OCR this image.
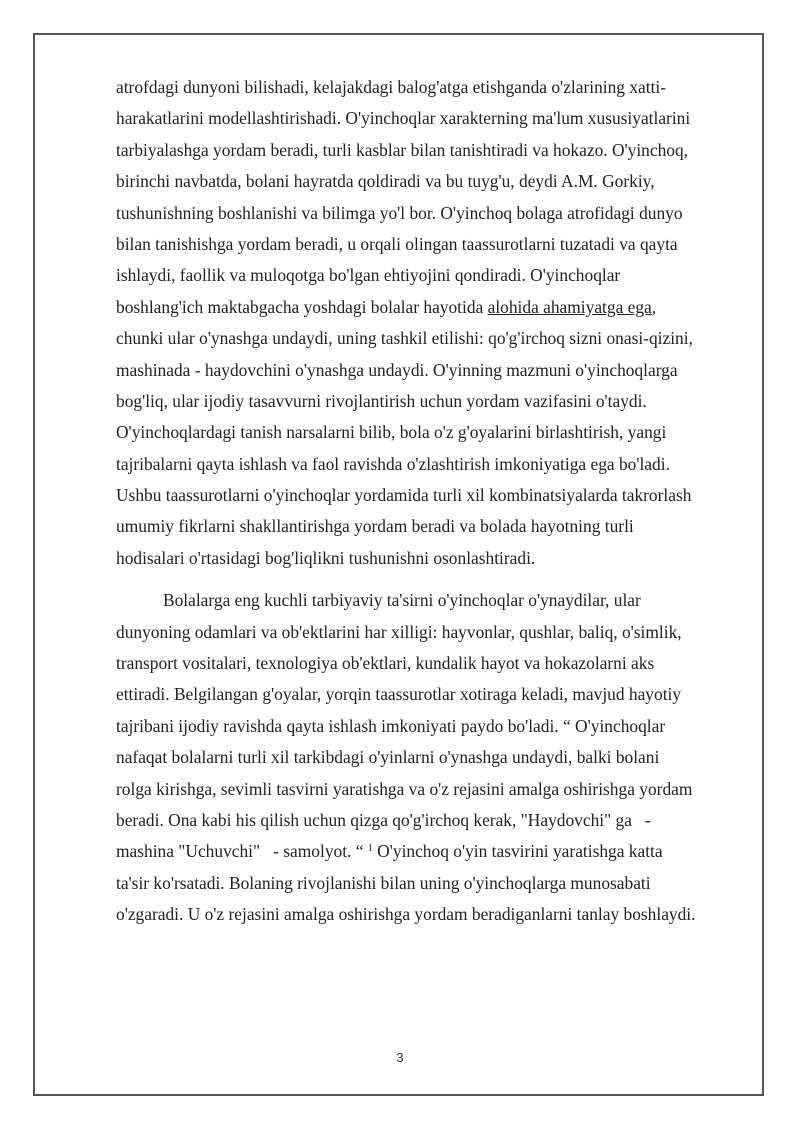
atrofdagi dunyoni bilishadi, kelajakdagi balog'atga etishganda o'zlarining xatti-
harakatlarini modellashtirishadi. O'yinchoqlar xarakterning ma'lum xususiyatlarini
tarbiyalashga yordam beradi, turli kasblar bilan tanishtiradi va hokazo. O'yinchoq,
birinchi navbatda, bolani hayratda qoldiradi va bu tuyg'u, deydi A.M. Gorkiy,
tushunishning boshlanishi va bilimga yo'l bor. O'yinchoq bolaga atrofidagi dunyo
bilan tanishishga yordam beradi, u orqali olingan taassurotlarni tuzatadi va qayta
ishlaydi, faollik va muloqotga bo'lgan ehtiyojini qondiradi. O'yinchoqlar
boshlang'ich maktabgacha yoshdagi bolalar hayotida alohida ahamiyatga ega,
chunki ular o'ynashga undaydi, uning tashkil etilishi: qo'g'irchoq sizni onasi-qizini,
mashinada - haydovchini o'ynashga undaydi. O'yinning mazmuni o'yinchoqlarga
bog'liq, ular ijodiy tasavvurni rivojlantirish uchun yordam vazifasini o'taydi.
O'yinchoqlardagi tanish narsalarni bilib, bola o'z g'oyalarini birlashtirish, yangi
tajribalarni qayta ishlash va faol ravishda o'zlashtirish imkoniyatiga ega bo'ladi.
Ushbu taassurotlarni o'yinchoqlar yordamida turli xil kombinatsiyalarda takrorlash
umumiy fikrlarni shakllantirishga yordam beradi va bolada hayotning turli
hodisalari o'rtasidagi bog'liqlikni tushunishni osonlashtiradi.
Bolalarga eng kuchli tarbiyaviy ta'sirni o'yinchoqlar o'ynaydilar, ular
dunyoning odamlari va ob'ektlarini har xilligi: hayvonlar, qushlar, baliq, o'simlik,
transport vositalari, texnologiya ob'ektlari, kundalik hayot va hokazolarni aks
ettiradi. Belgilangan g'oyalar, yorqin taassurotlar xotiraga keladi, mavjud hayotiy
tajribani ijodiy ravishda qayta ishlash imkoniyati paydo bo'ladi. “ O'yinchoqlar
nafaqat bolalarni turli xil tarkibdagi o'yinlarni o'ynashga undaydi, balki bolani
rolga kirishga, sevimli tasvirni yaratishga va o'z rejasini amalga oshirishga yordam
beradi. Ona kabi his qilish uchun qizga qo'g'irchoq kerak, "Haydovchi" ga   -
mashina "Uchuvchi"   - samolyot. “ $^1$ O'yinchoq o'yin tasvirini yaratishga katta
ta'sir ko'rsatadi. Bolaning rivojlanishi bilan uning o'yinchoqlarga munosabati
o'zgaradi. U o'z rejasini amalga oshirishga yordam beradiganlarni tanlay boshlaydi.
3
